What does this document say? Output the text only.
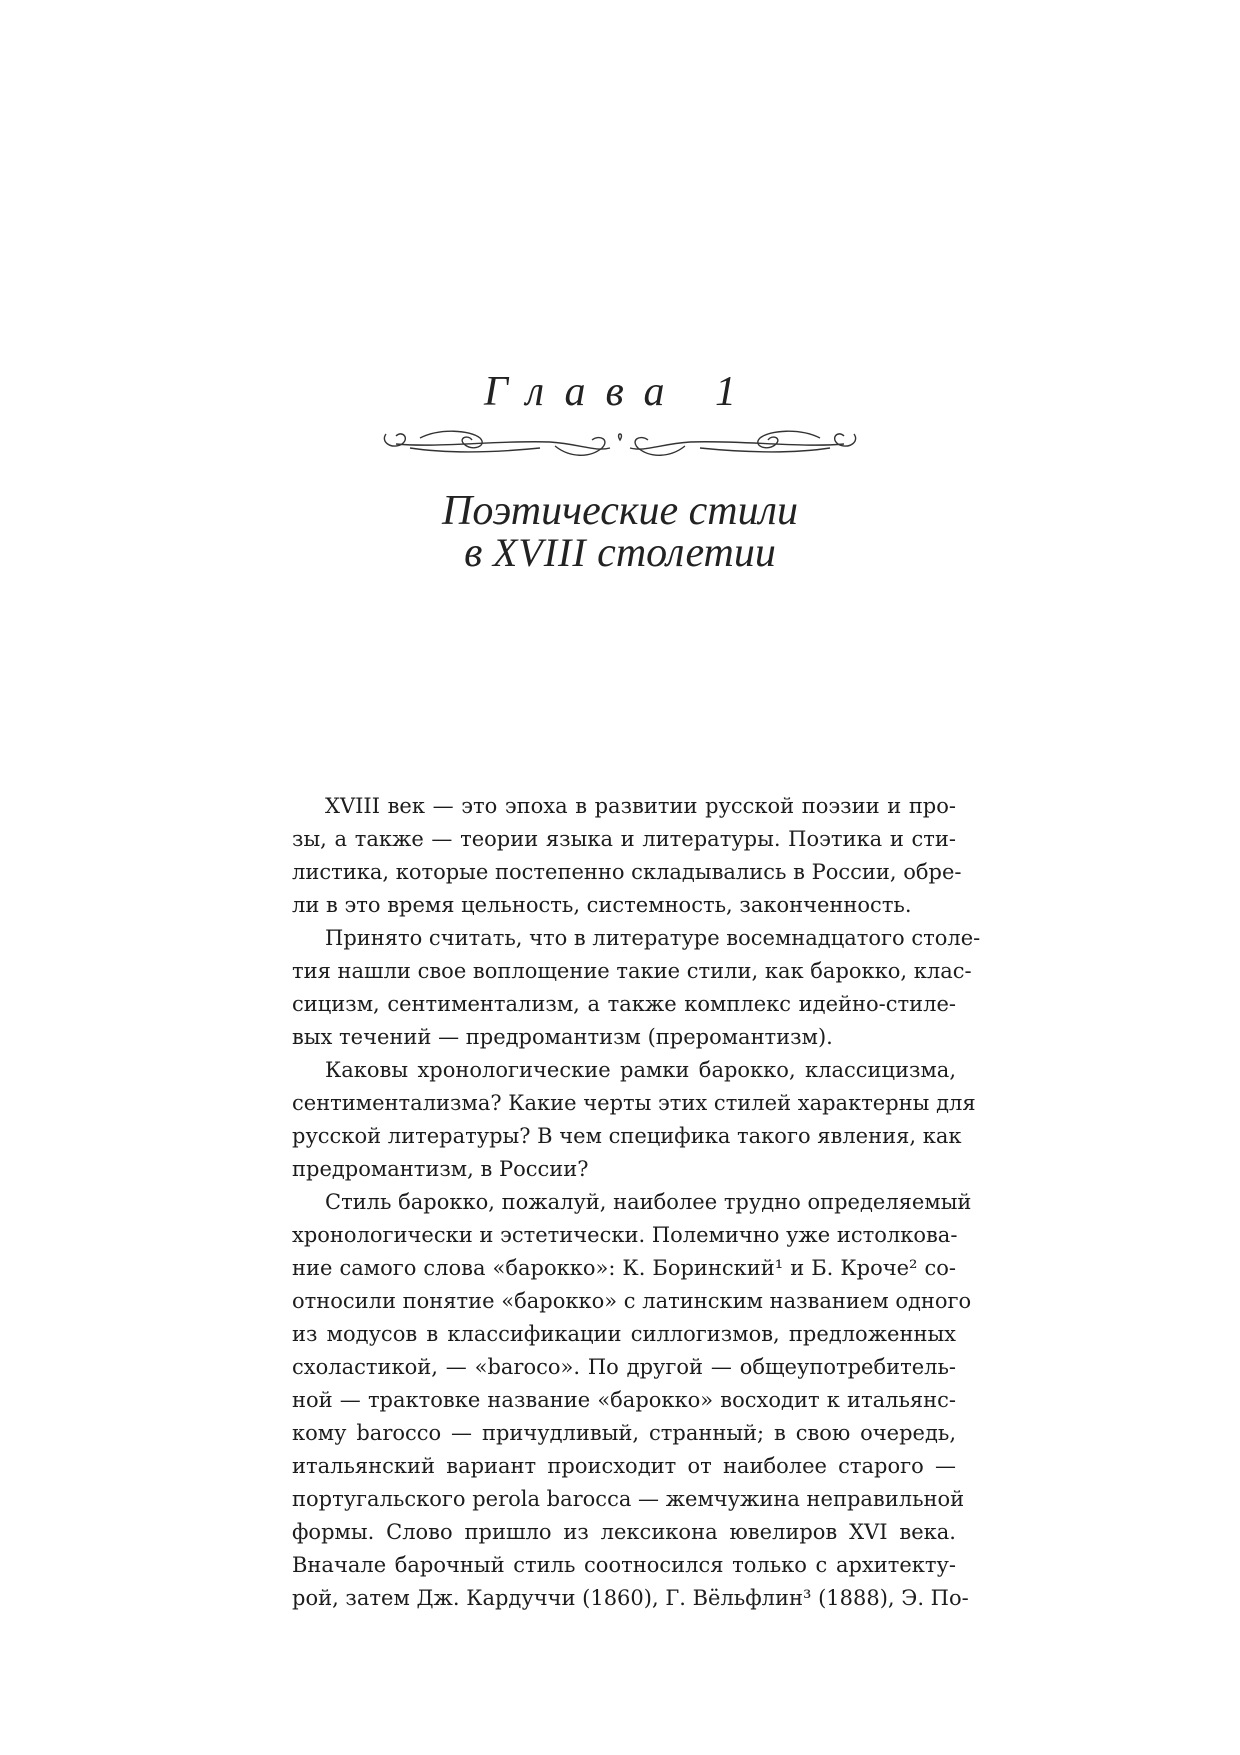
Глава 1
Поэтические стили
в XVIII столетии
XVIII век — это эпоха в развитии русской поэзии и про-
зы, а также — теории языка и литературы. Поэтика и сти-
листика, которые постепенно складывались в России, обре-
ли в это время цельность, системность, законченность.
Принято считать, что в литературе восемнадцатого столе-
тия нашли свое воплощение такие стили, как барокко, клас-
сицизм, сентиментализм, а также комплекс идейно-стиле-
вых течений — предромантизм (преромантизм).
Каковы хронологические рамки барокко, классицизма,
сентиментализма? Какие черты этих стилей характерны для
русской литературы? В чем специфика такого явления, как
предромантизм, в России?
Стиль барокко, пожалуй, наиболее трудно определяемый
хронологически и эстетически. Полемично уже истолкова-
ние самого слова «барокко»: К. Боринский¹ и Б. Кроче² со-
относили понятие «барокко» с латинским названием одного
из модусов в классификации силлогизмов, предложенных
схоластикой, — «barосо». По другой — общеупотребитель-
ной — трактовке название «барокко» восходит к итальянс-
кому barocco — причудливый, странный; в свою очередь,
итальянский вариант происходит от наиболее старого —
португальского perola barocca — жемчужина неправильной
формы. Слово пришло из лексикона ювелиров XVI века.
Вначале барочный стиль соотносился только с архитекту-
рой, затем Дж. Кардуччи (1860), Г. Вёльфлин³ (1888), Э. По-
